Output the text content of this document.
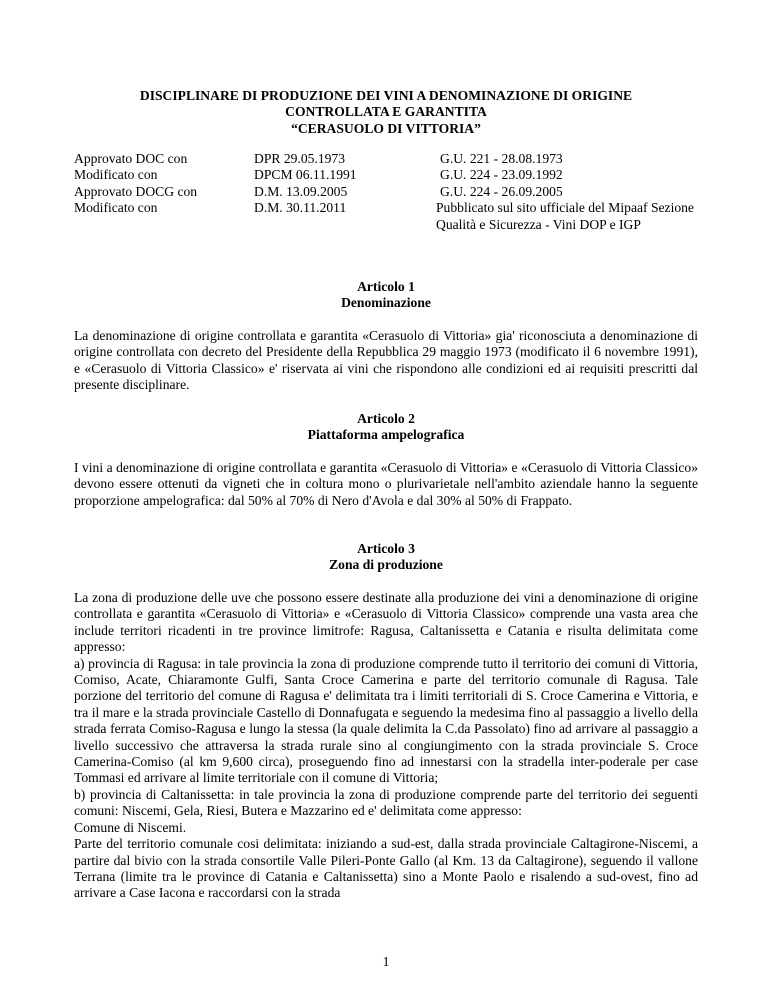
DISCIPLINARE DI PRODUZIONE DEI VINI A DENOMINAZIONE DI ORIGINE
CONTROLLATA E GARANTITA
“CERASUOLO DI VITTORIA”
Approvato DOC con
Modificato con
Approvato DOCG con
Modificato con
DPR 29.05.1973
DPCM 06.11.1991
D.M. 13.09.2005
D.M. 30.11.2011
G.U. 221 - 28.08.1973
G.U. 224 - 23.09.1992
G.U. 224 - 26.09.2005
Pubblicato sul sito ufficiale del Mipaaf Sezione Qualità e Sicurezza - Vini DOP e IGP
Articolo 1
Denominazione

La denominazione di origine controllata e garantita «Cerasuolo di Vittoria» gia' riconosciuta a denominazione di origine controllata con decreto del Presidente della Repubblica 29 maggio 1973 (modificato il 6 novembre 1991), e «Cerasuolo di Vittoria Classico» e' riservata ai vini che rispondono alle condizioni ed ai requisiti prescritti dal presente disciplinare.

Articolo 2
Piattaforma ampelografica

I vini a denominazione di origine controllata e garantita «Cerasuolo di Vittoria» e «Cerasuolo di Vittoria Classico» devono essere ottenuti da vigneti che in coltura mono o plurivarietale nell'ambito aziendale hanno la seguente proporzione ampelografica: dal 50% al 70% di Nero d'Avola e dal 30% al 50% di Frappato.

Articolo 3
Zona di produzione

La zona di produzione delle uve che possono essere destinate alla produzione dei vini a denominazione di origine controllata e garantita «Cerasuolo di Vittoria» e «Cerasuolo di Vittoria Classico» comprende una vasta area che include territori ricadenti in tre province limitrofe: Ragusa, Caltanissetta e Catania e risulta delimitata come appresso:

a) provincia di Ragusa: in tale provincia la zona di produzione comprende tutto il territorio dei comuni di Vittoria, Comiso, Acate, Chiaramonte Gulfi, Santa Croce Camerina e parte del territorio comunale di Ragusa. Tale porzione del territorio del comune di Ragusa e' delimitata tra i limiti territoriali di S. Croce Camerina e Vittoria, e tra il mare e la strada provinciale Castello di Donnafugata e seguendo la medesima fino al passaggio a livello della strada ferrata Comiso-Ragusa e lungo la stessa (la quale delimita la C.da Passolato) fino ad arrivare al passaggio a livello successivo che attraversa la strada rurale sino al congiungimento con la strada provinciale S. Croce Camerina-Comiso (al km 9,600 circa), proseguendo fino ad innestarsi con la stradella inter-poderale per case Tommasi ed arrivare al limite territoriale con il comune di Vittoria;

b) provincia di Caltanissetta: in tale provincia la zona di produzione comprende parte del territorio dei seguenti comuni: Niscemi, Gela, Riesi, Butera e Mazzarino ed e' delimitata come appresso:

Comune di Niscemi.

Parte del territorio comunale cosi delimitata: iniziando a sud-est, dalla strada provinciale Caltagirone-Niscemi, a partire dal bivio con la strada consortile Valle Pileri-Ponte Gallo (al Km. 13 da Caltagirone), seguendo il vallone Terrana (limite tra le province di Catania e Caltanissetta) sino a Monte Paolo e risalendo a sud-ovest, fino ad arrivare a Case Iacona e raccordarsi con la strada

1
